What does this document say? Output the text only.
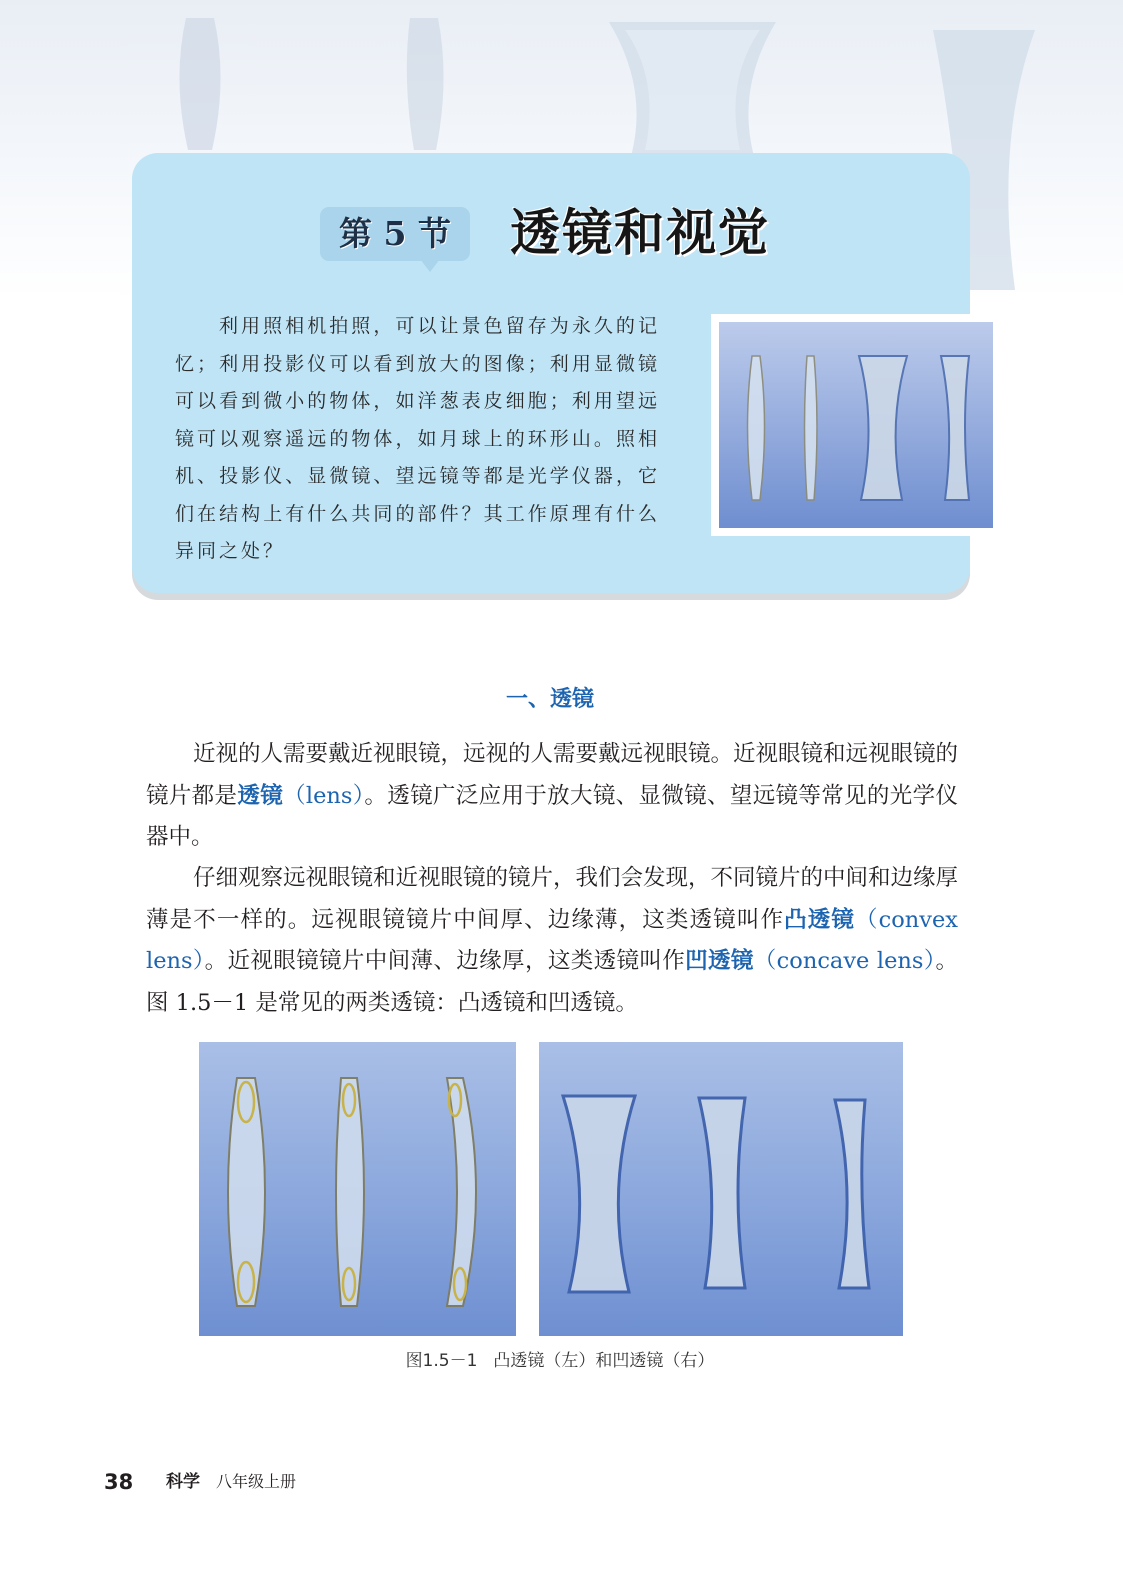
第 5 节	透镜和视觉

利用照相机拍照，可以让景色留存为永久的记忆；利用投影仪可以看到放大的图像；利用显微镜可以看到微小的物体，如洋葱表皮细胞；利用望远镜可以观察遥远的物体，如月球上的环形山。照相机、投影仪、显微镜、望远镜等都是光学仪器，它们在结构上有什么共同的部件？其工作原理有什么异同之处？

一、透镜

近视的人需要戴近视眼镜，远视的人需要戴远视眼镜。近视眼镜和远视眼镜的镜片都是透镜（lens）。透镜广泛应用于放大镜、显微镜、望远镜等常见的光学仪器中。

仔细观察远视眼镜和近视眼镜的镜片，我们会发现，不同镜片的中间和边缘厚薄是不一样的。远视眼镜镜片中间厚、边缘薄，这类透镜叫作凸透镜（convex lens）。近视眼镜镜片中间薄、边缘厚，这类透镜叫作凹透镜（concave lens）。图 1.5－1 是常见的两类透镜：凸透镜和凹透镜。

图1.5－1 凸透镜（左）和凹透镜（右）
38	科学	八年级上册
